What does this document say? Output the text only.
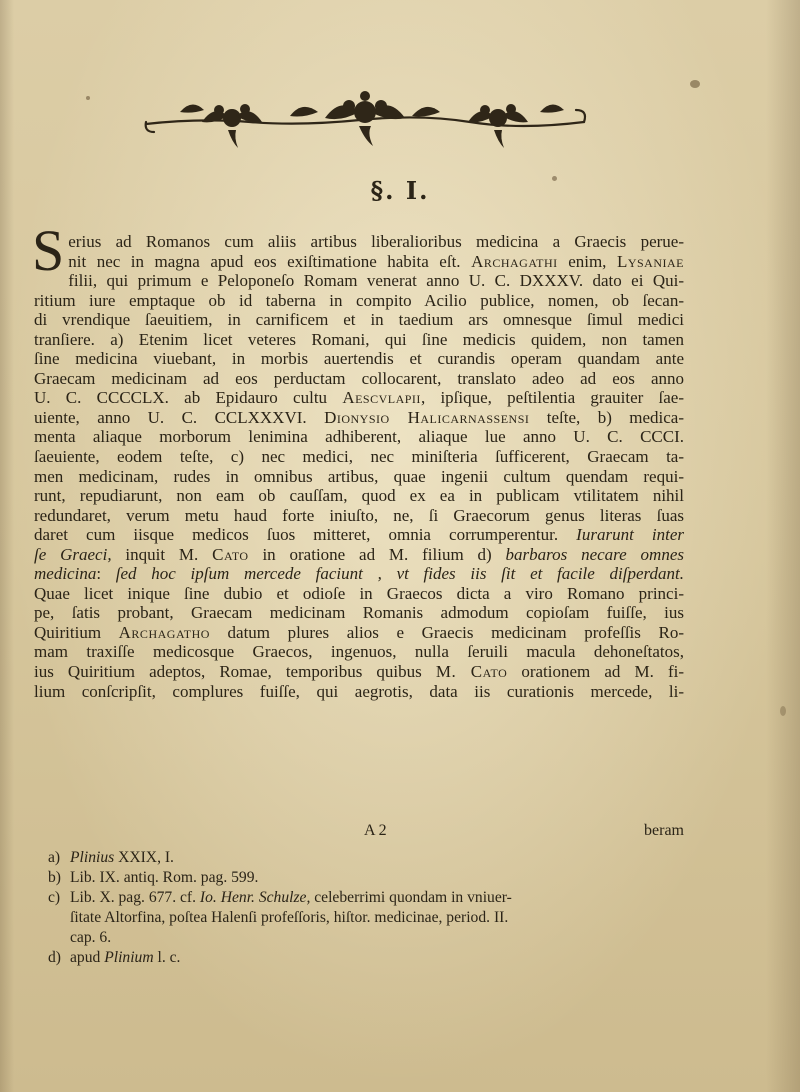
§. I.
S erius ad Romanos cum aliis artibus liberalioribus medicina a Graecis perue-
nit nec in magna apud eos exiſtimatione habita eſt. Archagathi enim, Lysaniae
filii, qui primum e Peloponeſo Romam venerat anno U. C. DXXXV. dato ei Qui-
ritium iure emptaque ob id taberna in compito Acilio publice, nomen, ob ſecan-
di vrendique ſaeuitiem, in carnificem et in taedium ars omnesque ſimul medici
tranſiere. a) Etenim licet veteres Romani, qui ſine medicis quidem, non tamen
ſine medicina viuebant, in morbis auertendis et curandis operam quandam ante
Graecam medicinam ad eos perductam collocarent, translato adeo ad eos anno
U. C. CCCCLX. ab Epidauro cultu Aescvlapii, ipſique, peſtilentia grauiter ſae-
uiente, anno U. C. CCLXXXVI. Dionysio Halicarnassensi teſte, b) medica-
menta aliaque morborum lenimina adhiberent, aliaque lue anno U. C. CCCI.
ſaeuiente, eodem teſte, c) nec medici, nec miniſteria ſufficerent, Graecam ta-
men medicinam, rudes in omnibus artibus, quae ingenii cultum quendam requi-
runt, repudiarunt, non eam ob cauſſam, quod ex ea in publicam vtilitatem nihil
redundaret, verum metu haud forte iniuſto, ne, ſi Graecorum genus literas ſuas
daret cum iisque medicos ſuos mitteret, omnia corrumperentur. Iurarunt inter
ſe Graeci, inquit M. Cato in oratione ad M. filium d) barbaros necare omnes
medicina: ſed hoc ipſum mercede faciunt , vt fides iis ſit et facile diſperdant.
Quae licet inique ſine dubio et odioſe in Graecos dicta a viro Romano princi-
pe, ſatis probant, Graecam medicinam Romanis admodum copioſam fuiſſe, ius
Quiritium Archagatho datum plures alios e Graecis medicinam profeſſis Ro-
mam traxiſſe medicosque Graecos, ingenuos, nulla ſeruili macula dehoneſtatos,
ius Quiritium adeptos, Romae, temporibus quibus M. Cato orationem ad M. fi-
lium conſcripſit, complures fuiſſe, qui aegrotis, data iis curationis mercede, li-
A 2	beram
a) Plinius XXIX, I.
b) Lib. IX. antiq. Rom. pag. 599.
c) Lib. X. pag. 677. cf. Io. Henr. Schulze, celeberrimi quondam in vniuer-
ſitate Altorfina, poſtea Halenſi profeſſoris, hiſtor. medicinae, period. II.
cap. 6.
d) apud Plinium l. c.
